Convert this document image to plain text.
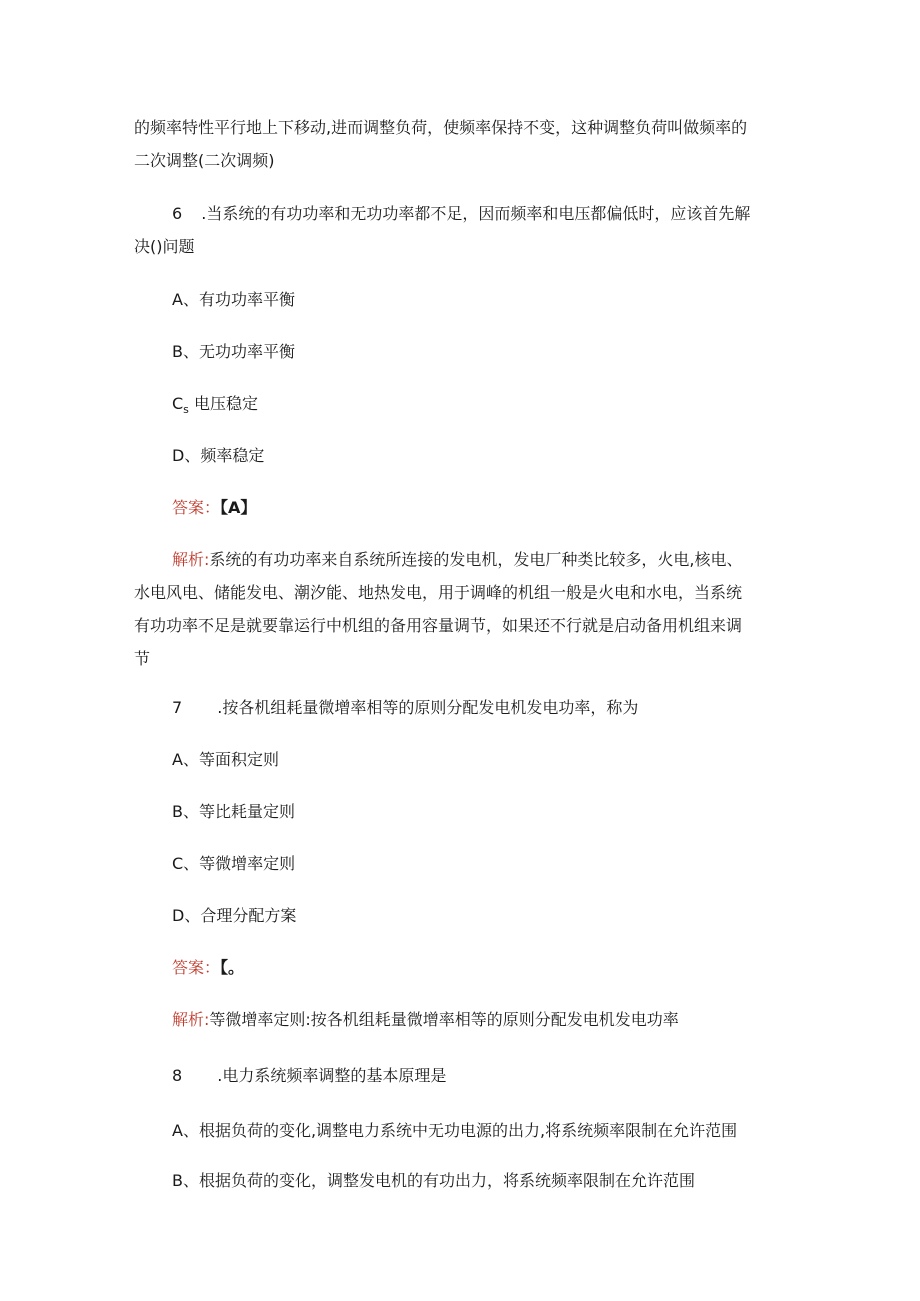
的频率特性平行地上下移动,进而调整负荷，使频率保持不变，这种调整负荷叫做频率的
二次调整(二次调频)
6 .当系统的有功功率和无功功率都不足，因而频率和电压都偏低时，应该首先解
决()问题
A、有功功率平衡
B、无功功率平衡
$C_s$ 电压稳定
D、频率稳定
答案：【A】
解析:系统的有功功率来自系统所连接的发电机，发电厂种类比较多，火电,核电、
水电风电、储能发电、潮汐能、地热发电，用于调峰的机组一般是火电和水电，当系统
有功功率不足是就要靠运行中机组的备用容量调节，如果还不行就是启动备用机组来调
节
7 .按各机组耗量微增率相等的原则分配发电机发电功率，称为
A、等面积定则
B、等比耗量定则
C、等微增率定则
D、合理分配方案
答案：【。
解析:等微增率定则:按各机组耗量微增率相等的原则分配发电机发电功率
8 .电力系统频率调整的基本原理是
A、根据负荷的变化,调整电力系统中无功电源的出力,将系统频率限制在允许范围
B、根据负荷的变化，调整发电机的有功出力，将系统频率限制在允许范围
